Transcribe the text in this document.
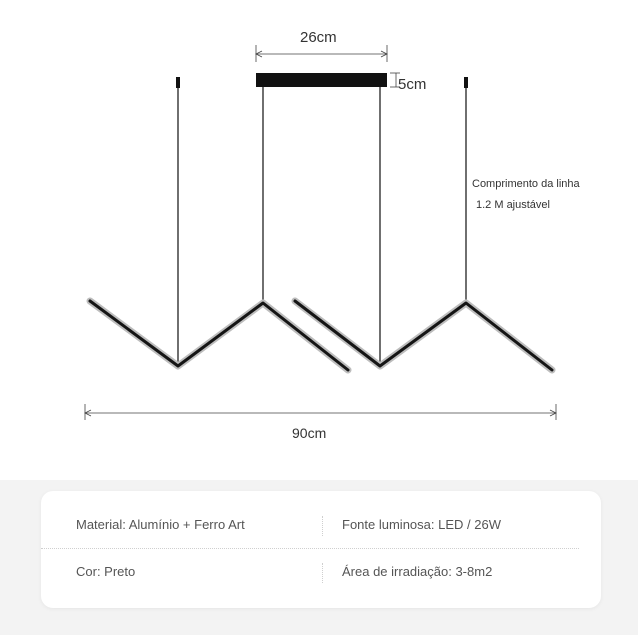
26cm
5cm
90cm
Comprimento da linha
1.2 M ajustável
Material: Alumínio + Ferro Art	Fonte luminosa: LED / 26W
Cor: Preto	Área de irradiação: 3-8m2
